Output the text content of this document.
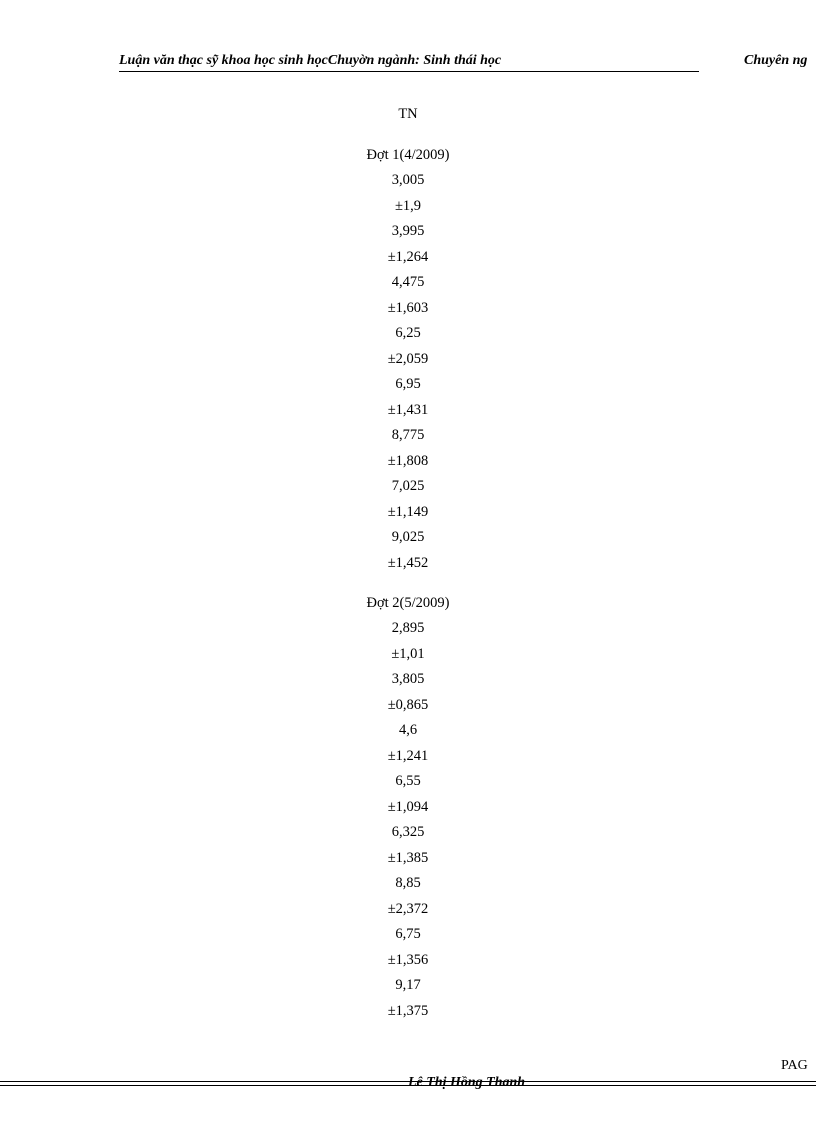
Luận văn thạc sỹ khoa học sinh họcChuyờn ngành: Sinh thái học	Chuyên ng
TN
Đợt 1(4/2009)
3,005
±1,9
3,995
±1,264
4,475
±1,603
6,25
±2,059
6,95
±1,431
8,775
±1,808
7,025
±1,149
9,025
±1,452
Đợt 2(5/2009)
2,895
±1,01
3,805
±0,865
4,6
±1,241
6,55
±1,094
6,325
±1,385
8,85
±2,372
6,75
±1,356
9,17
±1,375
PAG
Lê Thị Hồng Thanh
